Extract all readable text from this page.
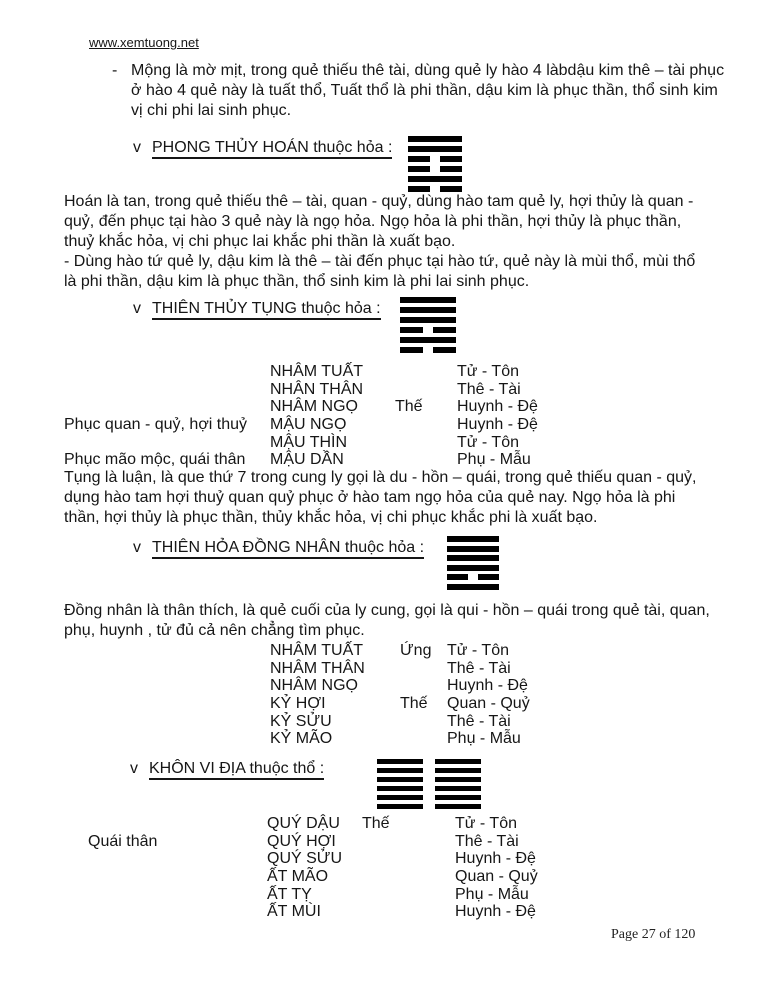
www.xemtuong.net
- Mộng là mờ mịt, trong quẻ thiếu thê tài, dùng quẻ ly hào 4 làbdậu kim thê – tài phục
ở hào 4 quẻ này là tuất thổ, Tuất thổ là phi thần, dậu kim là phục thần, thổ sinh kim
vị chi phi lai sinh phục.
v PHONG THỦY HOÁN thuộc hỏa :
Hoán là tan, trong quẻ thiếu thê – tài, quan - quỷ, dùng hào tam quẻ ly, hợi thủy là quan -
quỷ, đến phục tại hào 3 quẻ này là ngọ hỏa. Ngọ hỏa là phi thần, hợi thủy là phục thần,
thuỷ khắc hỏa, vị chi phục lai khắc phi thần là xuất bạo.
- Dùng hào tứ quẻ ly, dậu kim là thê – tài đến phục tại hào tứ, quẻ này là mùi thổ, mùi thổ
là phi thần, dậu kim là phục thần, thổ sinh kim là phi lai sinh phục.
v THIÊN THỦY TỤNG thuộc hỏa :
NHÂM TUẤT	Tử - Tôn
NHÂN THÂN	Thê - Tài
NHÂM NGỌ Thế Huynh - Đệ
Phục quan - quỷ, hợi thuỷ MẬU NGỌ	Huynh - Đệ
MẬU THÌN	Tử - Tôn
Phục mão mộc, quái thân MẬU DẦN	Phụ - Mẫu
Tụng là luận, là que thứ 7 trong cung ly gọi là du - hồn – quái, trong quẻ thiếu quan - quỷ,
dụng hào tam hợi thuỷ quan quỷ phục ở hào tam ngọ hỏa của quẻ nay. Ngọ hỏa là phi
thần, hợi thủy là phục thần, thủy khắc hỏa, vị chi phục khắc phi là xuất bạo.
v THIÊN HỎA ĐỒNG NHÂN thuộc hỏa :
Đồng nhân là thân thích, là quẻ cuối của ly cung, gọi là qui - hồn – quái trong quẻ tài, quan,
phụ, huynh , tử đủ cả nên chẳng tìm phục.
NHÂM TUẤT Ứng Tử - Tôn
NHÂM THÂN	Thê - Tài
NHÂM NGỌ	Huynh - Đệ
KỶ HỢI	Thế Quan - Quỷ
KỶ SỬU	Thê - Tài
KỶ MÃO	Phụ - Mẫu
v KHÔN VI ĐỊA thuộc thổ :
QUÝ DẬU Thế	Tử - Tôn
Quái thân	QUÝ HỢI	Thê - Tài
QUÝ SỬU	Huynh - Đệ
ẤT MÃO	Quan - Quỷ
ẤT TỴ	Phụ - Mẫu
ẤT MÙI	Huynh - Đệ
Page 27 of 120
